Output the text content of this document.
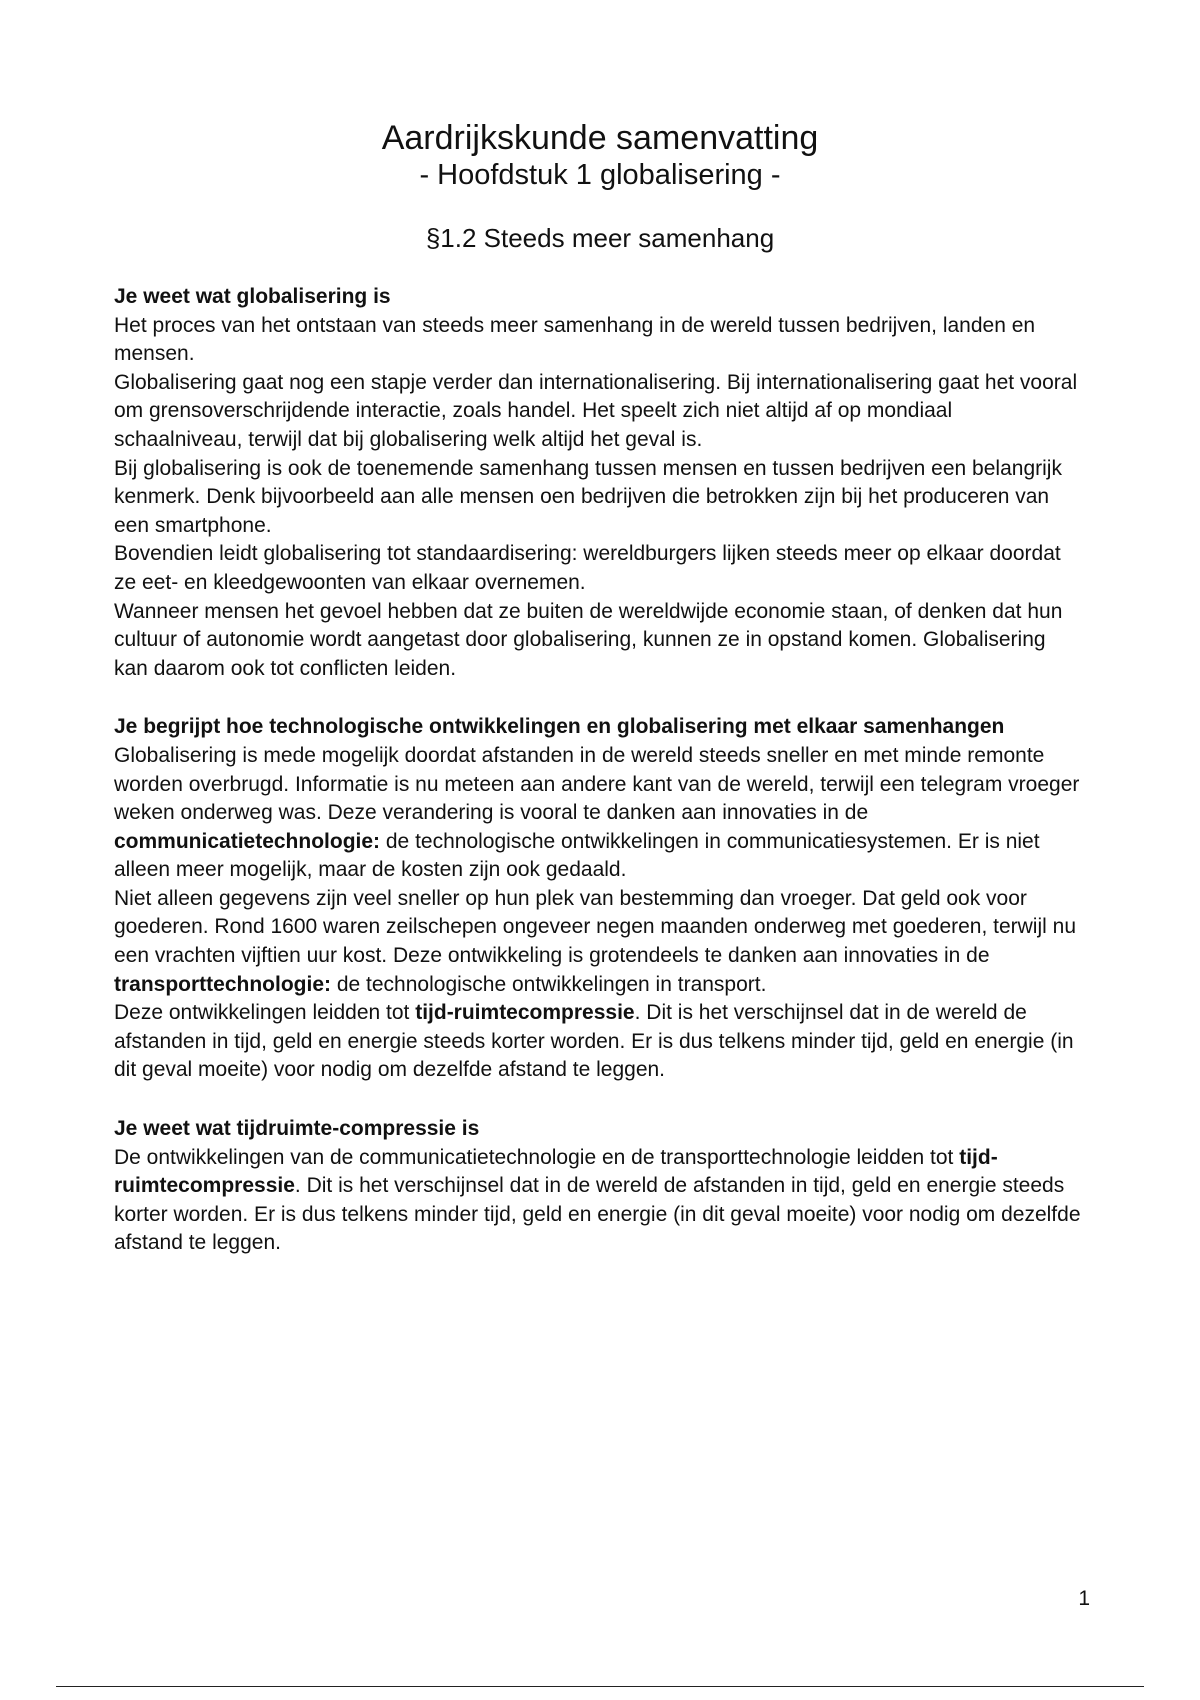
Aardrijkskunde samenvatting
- Hoofdstuk 1 globalisering -
§1.2 Steeds meer samenhang
Je weet wat globalisering is

Het proces van het ontstaan van steeds meer samenhang in de wereld tussen bedrijven, landen en mensen.

Globalisering gaat nog een stapje verder dan internationalisering. Bij internationalisering gaat het vooral om grensoverschrijdende interactie, zoals handel. Het speelt zich niet altijd af op mondiaal schaalniveau, terwijl dat bij globalisering welk altijd het geval is.

Bij globalisering is ook de toenemende samenhang tussen mensen en tussen bedrijven een belangrijk kenmerk. Denk bijvoorbeeld aan alle mensen oen bedrijven die betrokken zijn bij het produceren van een smartphone.

Bovendien leidt globalisering tot standaardisering: wereldburgers lijken steeds meer op elkaar doordat ze eet- en kleedgewoonten van elkaar overnemen.

Wanneer mensen het gevoel hebben dat ze buiten de wereldwijde economie staan, of denken dat hun cultuur of autonomie wordt aangetast door globalisering, kunnen ze in opstand komen. Globalisering kan daarom ook tot conflicten leiden.

Je begrijpt hoe technologische ontwikkelingen en globalisering met elkaar samenhangen

Globalisering is mede mogelijk doordat afstanden in de wereld steeds sneller en met minde remonte worden overbrugd. Informatie is nu meteen aan andere kant van de wereld, terwijl een telegram vroeger weken onderweg was. Deze verandering is vooral te danken aan innovaties in de communicatietechnologie: de technologische ontwikkelingen in communicatiesystemen. Er is niet alleen meer mogelijk, maar de kosten zijn ook gedaald.

Niet alleen gegevens zijn veel sneller op hun plek van bestemming dan vroeger. Dat geld ook voor goederen. Rond 1600 waren zeilschepen ongeveer negen maanden onderweg met goederen, terwijl nu een vrachten vijftien uur kost. Deze ontwikkeling is grotendeels te danken aan innovaties in de transporttechnologie: de technologische ontwikkelingen in transport.

Deze ontwikkelingen leidden tot tijd-ruimtecompressie. Dit is het verschijnsel dat in de wereld de afstanden in tijd, geld en energie steeds korter worden. Er is dus telkens minder tijd, geld en energie (in dit geval moeite) voor nodig om dezelfde afstand te leggen.

Je weet wat tijdruimte-compressie is

De ontwikkelingen van de communicatietechnologie en de transporttechnologie leidden tot tijd-ruimtecompressie. Dit is het verschijnsel dat in de wereld de afstanden in tijd, geld en energie steeds korter worden. Er is dus telkens minder tijd, geld en energie (in dit geval moeite) voor nodig om dezelfde afstand te leggen.

1
